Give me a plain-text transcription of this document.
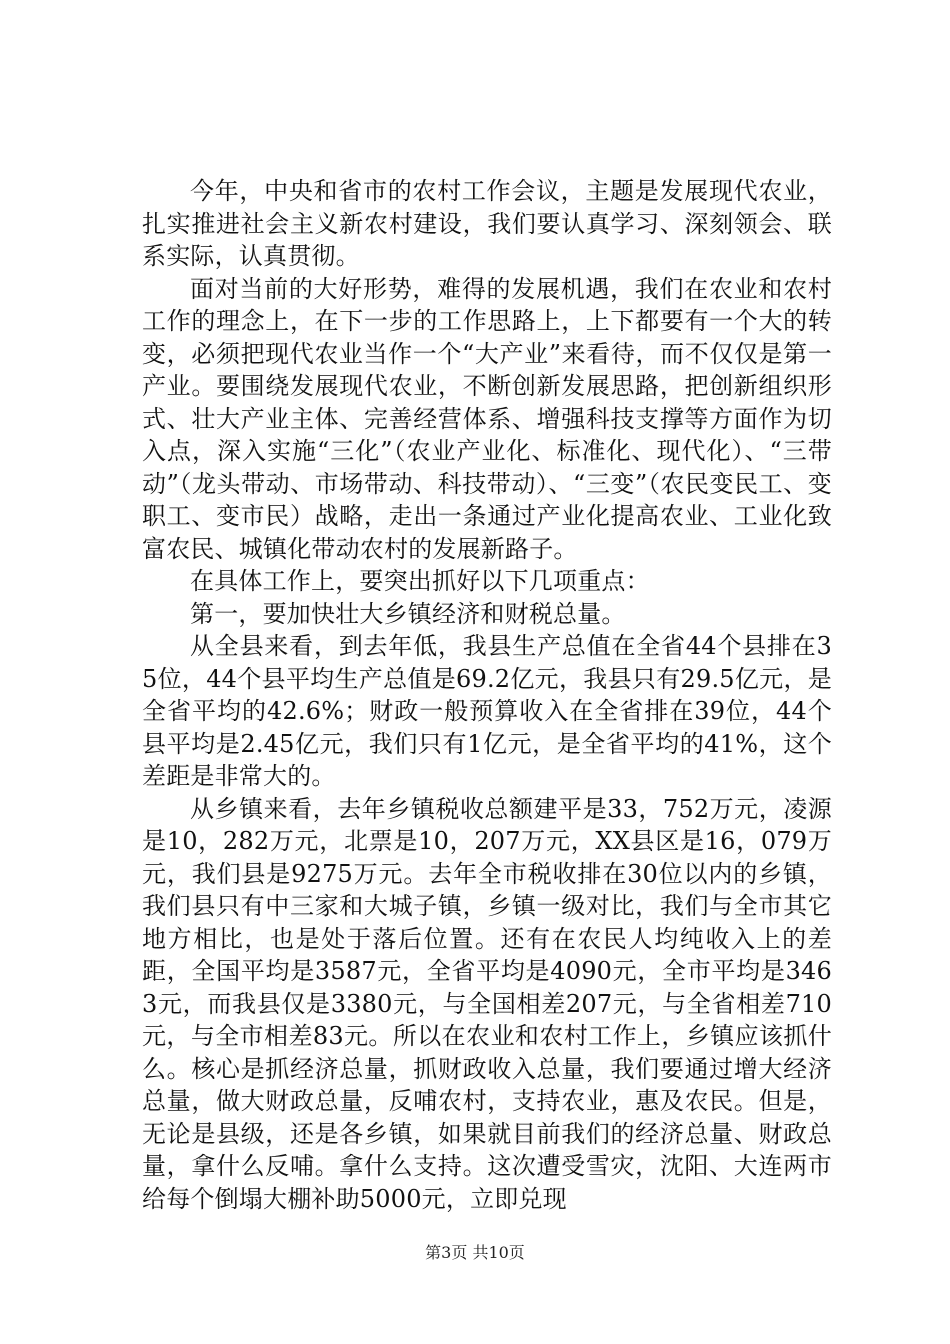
今年，中央和省市的农村工作会议，主题是发展现代农业，扎实推进社会主义新农村建设，我们要认真学习、深刻领会、联系实际，认真贯彻。

面对当前的大好形势，难得的发展机遇，我们在农业和农村工作的理念上，在下一步的工作思路上，上下都要有一个大的转变，必须把现代农业当作一个“大产业”来看待，而不仅仅是第一产业。要围绕发展现代农业，不断创新发展思路，把创新组织形式、壮大产业主体、完善经营体系、增强科技支撑等方面作为切入点，深入实施“三化”（农业产业化、标准化、现代化）、“三带动”（龙头带动、市场带动、科技带动）、“三变”（农民变民工、变职工、变市民）战略，走出一条通过产业化提高农业、工业化致富农民、城镇化带动农村的发展新路子。

在具体工作上，要突出抓好以下几项重点：

第一，要加快壮大乡镇经济和财税总量。

从全县来看，到去年低，我县生产总值在全省44个县排在35位，44个县平均生产总值是69.2亿元，我县只有29.5亿元，是全省平均的42.6%；财政一般预算收入在全省排在39位，44个县平均是2.45亿元，我们只有1亿元，是全省平均的41%，这个差距是非常大的。

从乡镇来看，去年乡镇税收总额建平是33，752万元，凌源是10，282万元，北票是10，207万元，XX县区是16，079万元，我们县是9275万元。去年全市税收排在30位以内的乡镇，我们县只有中三家和大城子镇，乡镇一级对比，我们与全市其它地方相比，也是处于落后位置。还有在农民人均纯收入上的差距，全国平均是3587元，全省平均是4090元，全市平均是3463元，而我县仅是3380元，与全国相差207元，与全省相差710元，与全市相差83元。所以在农业和农村工作上，乡镇应该抓什么。核心是抓经济总量，抓财政收入总量，我们要通过增大经济总量，做大财政总量，反哺农村，支持农业，惠及农民。但是，无论是县级，还是各乡镇，如果就目前我们的经济总量、财政总量，拿什么反哺。拿什么支持。这次遭受雪灾，沈阳、大连两市给每个倒塌大棚补助5000元，立即兑现

第3页 共10页
